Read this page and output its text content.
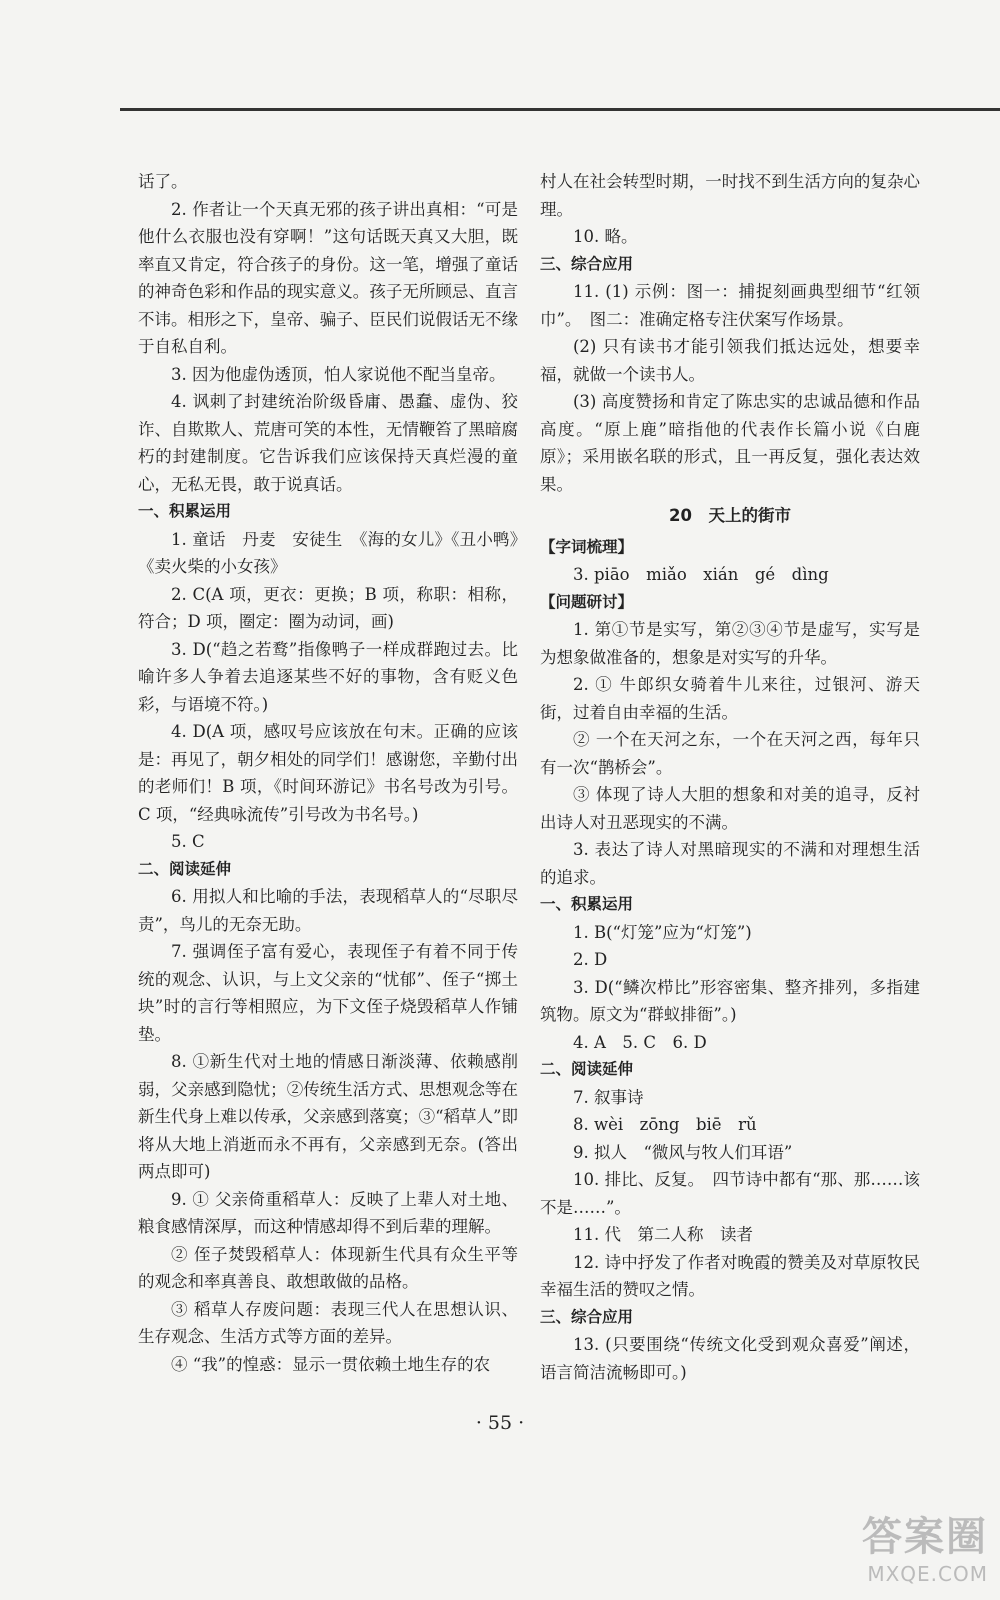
话了。

2. 作者让一个天真无邪的孩子讲出真相：“可是他什么衣服也没有穿啊！”这句话既天真又大胆，既率直又肯定，符合孩子的身份。这一笔，增强了童话的神奇色彩和作品的现实意义。孩子无所顾忌、直言不讳。相形之下，皇帝、骗子、臣民们说假话无不缘于自私自利。

3. 因为他虚伪透顶，怕人家说他不配当皇帝。

4. 讽刺了封建统治阶级昏庸、愚蠢、虚伪、狡诈、自欺欺人、荒唐可笑的本性，无情鞭笞了黑暗腐朽的封建制度。它告诉我们应该保持天真烂漫的童心，无私无畏，敢于说真话。

一、积累运用

1. 童话　丹麦　安徒生　《海的女儿》《丑小鸭》《卖火柴的小女孩》

2. C(A 项，更衣：更换；B 项，称职：相称，符合；D 项，圈定：圈为动词，画)

3. D(“趋之若鹜”指像鸭子一样成群跑过去。比喻许多人争着去追逐某些不好的事物，含有贬义色彩，与语境不符。)

4. D(A 项，感叹号应该放在句末。正确的应该是：再见了，朝夕相处的同学们！感谢您，辛勤付出的老师们！B 项，《时间环游记》书名号改为引号。C 项，“经典咏流传”引号改为书名号。)

5. C

二、阅读延伸

6. 用拟人和比喻的手法，表现稻草人的“尽职尽责”，鸟儿的无奈无助。

7. 强调侄子富有爱心，表现侄子有着不同于传统的观念、认识，与上文父亲的“忧郁”、侄子“掷土块”时的言行等相照应，为下文侄子烧毁稻草人作铺垫。

8. ①新生代对土地的情感日渐淡薄、依赖感削弱，父亲感到隐忧；②传统生活方式、思想观念等在新生代身上难以传承，父亲感到落寞；③“稻草人”即将从大地上消逝而永不再有，父亲感到无奈。(答出两点即可)

9. ① 父亲倚重稻草人：反映了上辈人对土地、粮食感情深厚，而这种情感却得不到后辈的理解。

② 侄子焚毁稻草人：体现新生代具有众生平等的观念和率真善良、敢想敢做的品格。

③ 稻草人存废问题：表现三代人在思想认识、生存观念、生活方式等方面的差异。

④ “我”的惶惑：显示一贯依赖土地生存的农

村人在社会转型时期，一时找不到生活方向的复杂心理。

10. 略。

三、综合应用

11. (1) 示例：图一：捕捉刻画典型细节“红领巾”。　图二：准确定格专注伏案写作场景。

(2) 只有读书才能引领我们抵达远处，想要幸福，就做一个读书人。

(3) 高度赞扬和肯定了陈忠实的忠诚品德和作品高度。“原上鹿”暗指他的代表作长篇小说《白鹿原》；采用嵌名联的形式，且一再反复，强化表达效果。

20　天上的街市

【字词梳理】

3. piāo　miǎo　xián　gé　dìng

【问题研讨】

1. 第①节是实写，第②③④节是虚写，实写是为想象做准备的，想象是对实写的升华。

2. ① 牛郎织女骑着牛儿来往，过银河、游天街，过着自由幸福的生活。

② 一个在天河之东，一个在天河之西，每年只有一次“鹊桥会”。

③ 体现了诗人大胆的想象和对美的追寻，反衬出诗人对丑恶现实的不满。

3. 表达了诗人对黑暗现实的不满和对理想生活的追求。

一、积累运用

1. B(“灯笼”应为“灯笼”)

2. D

3. D(“鳞次栉比”形容密集、整齐排列，多指建筑物。原文为“群蚁排衙”。)

4. A　5. C　6. D

二、阅读延伸

7. 叙事诗

8. wèi　zōng　biē　rǔ

9. 拟人　“微风与牧人们耳语”

10. 排比、反复。　四节诗中都有“那、那……该不是……”。

11. 代　第二人称　读者

12. 诗中抒发了作者对晚霞的赞美及对草原牧民幸福生活的赞叹之情。

三、综合应用

13. (只要围绕“传统文化受到观众喜爱”阐述，语言简洁流畅即可。)

· 55 ·
答案圈
MXQE.COM
